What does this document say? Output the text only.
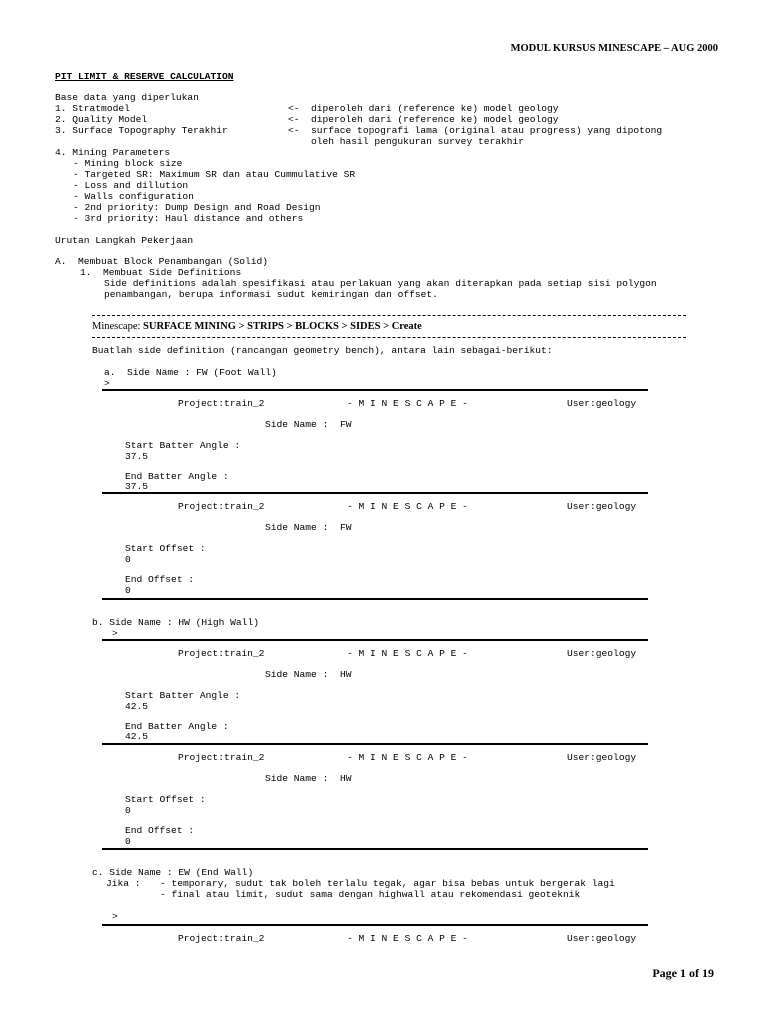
MODUL KURSUS MINESCAPE – AUG 2000
PIT LIMIT & RESERVE CALCULATION
Base data yang diperlukan
1. Stratmodel	<- diperoleh dari (reference ke) model geology
2. Quality Model	<- diperoleh dari (reference ke) model geology
3. Surface Topography Terakhir	<- surface topografi lama (original atau progress) yang dipotong
oleh hasil pengukuran survey terakhir
4. Mining Parameters
- Mining block size
- Targeted SR: Maximum SR dan atau Cummulative SR
- Loss and dillution
- Walls configuration
- 2nd priority: Dump Design and Road Design
- 3rd priority: Haul distance and others
Urutan Langkah Pekerjaan
A.  Membuat Block Penambangan (Solid)
1.  Membuat Side Definitions
Side definitions adalah spesifikasi atau perlakuan yang akan diterapkan pada setiap sisi polygon
penambangan, berupa informasi sudut kemiringan dan offset.
Minescape: SURFACE MINING > STRIPS > BLOCKS > SIDES > Create
Buatlah side definition (rancangan geometry bench), antara lain sebagai-berikut:
a.  Side Name : FW (Foot Wall)
>
Project:train_2	- M I N E S C A P E -	User:geology
Side Name : FW
Start Batter Angle :
37.5
End Batter Angle :
37.5
Project:train_2	- M I N E S C A P E -	User:geology
Side Name : FW
Start Offset :
0
End Offset :
0
b. Side Name : HW (High Wall)
>
Project:train_2	- M I N E S C A P E -	User:geology
Side Name : HW
Start Batter Angle :
42.5
End Batter Angle :
42.5
Project:train_2	- M I N E S C A P E -	User:geology
Side Name : HW
Start Offset :
0
End Offset :
0
c. Side Name : EW (End Wall)
Jika : - temporary, sudut tak boleh terlalu tegak, agar bisa bebas untuk bergerak lagi
- final atau limit, sudut sama dengan highwall atau rekomendasi geoteknik
>
Project:train_2	- M I N E S C A P E -	User:geology
Page 1 of 19
